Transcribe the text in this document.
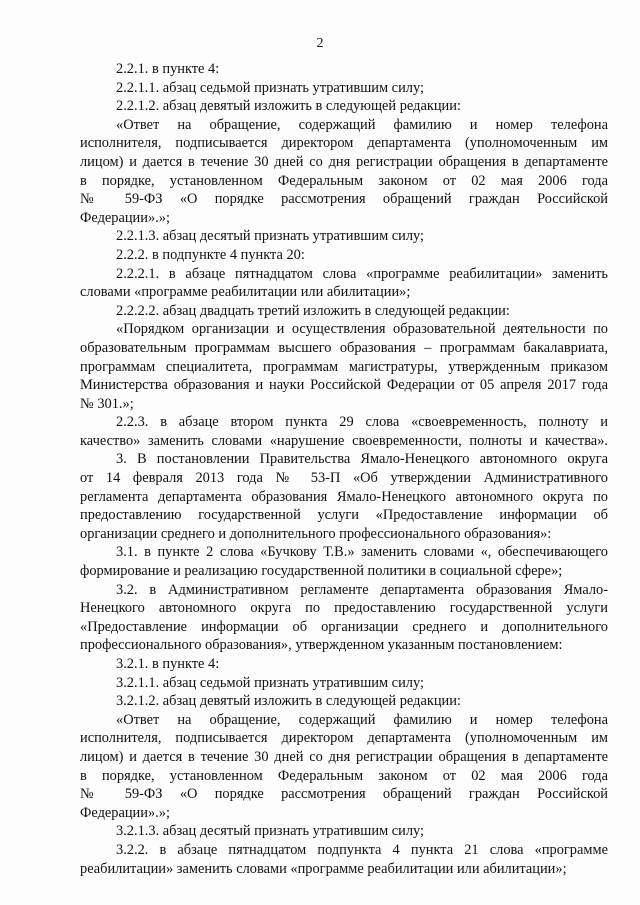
2
2.2.1. в пункте 4:
2.2.1.1. абзац седьмой признать утратившим силу;
2.2.1.2. абзац девятый изложить в следующей редакции:
«Ответ на обращение, содержащий фамилию и номер телефона
исполнителя, подписывается директором департамента (уполномоченным им
лицом) и дается в течение 30 дней со дня регистрации обращения в департаменте
в порядке, установленном Федеральным законом от 02 мая 2006 года
№ 59-ФЗ «О порядке рассмотрения обращений граждан Российской
Федерации».»;
2.2.1.3. абзац десятый признать утратившим силу;
2.2.2. в подпункте 4 пункта 20:
2.2.2.1. в абзаце пятнадцатом слова «программе реабилитации» заменить
словами «программе реабилитации или абилитации»;
2.2.2.2. абзац двадцать третий изложить в следующей редакции:
«Порядком организации и осуществления образовательной деятельности по
образовательным программам высшего образования – программам бакалавриата,
программам специалитета, программам магистратуры, утвержденным приказом
Министерства образования и науки Российской Федерации от 05 апреля 2017 года
№ 301.»;
2.2.3. в абзаце втором пункта 29 слова «своевременность, полноту и
качество» заменить словами «нарушение своевременности, полноты и качества».
3. В постановлении Правительства Ямало-Ненецкого автономного округа
от 14 февраля 2013 года № 53-П «Об утверждении Административного
регламента департамента образования Ямало-Ненецкого автономного округа по
предоставлению государственной услуги «Предоставление информации об
организации среднего и дополнительного профессионального образования»:
3.1. в пункте 2 слова «Бучкову Т.В.» заменить словами «, обеспечивающего
формирование и реализацию государственной политики в социальной сфере»;
3.2. в Административном регламенте департамента образования Ямало-
Ненецкого автономного округа по предоставлению государственной услуги
«Предоставление информации об организации среднего и дополнительного
профессионального образования», утвержденном указанным постановлением:
3.2.1. в пункте 4:
3.2.1.1. абзац седьмой признать утратившим силу;
3.2.1.2. абзац девятый изложить в следующей редакции:
«Ответ на обращение, содержащий фамилию и номер телефона
исполнителя, подписывается директором департамента (уполномоченным им
лицом) и дается в течение 30 дней со дня регистрации обращения в департаменте
в порядке, установленном Федеральным законом от 02 мая 2006 года
№ 59-ФЗ «О порядке рассмотрения обращений граждан Российской
Федерации».»;
3.2.1.3. абзац десятый признать утратившим силу;
3.2.2. в абзаце пятнадцатом подпункта 4 пункта 21 слова «программе
реабилитации» заменить словами «программе реабилитации или абилитации»;
